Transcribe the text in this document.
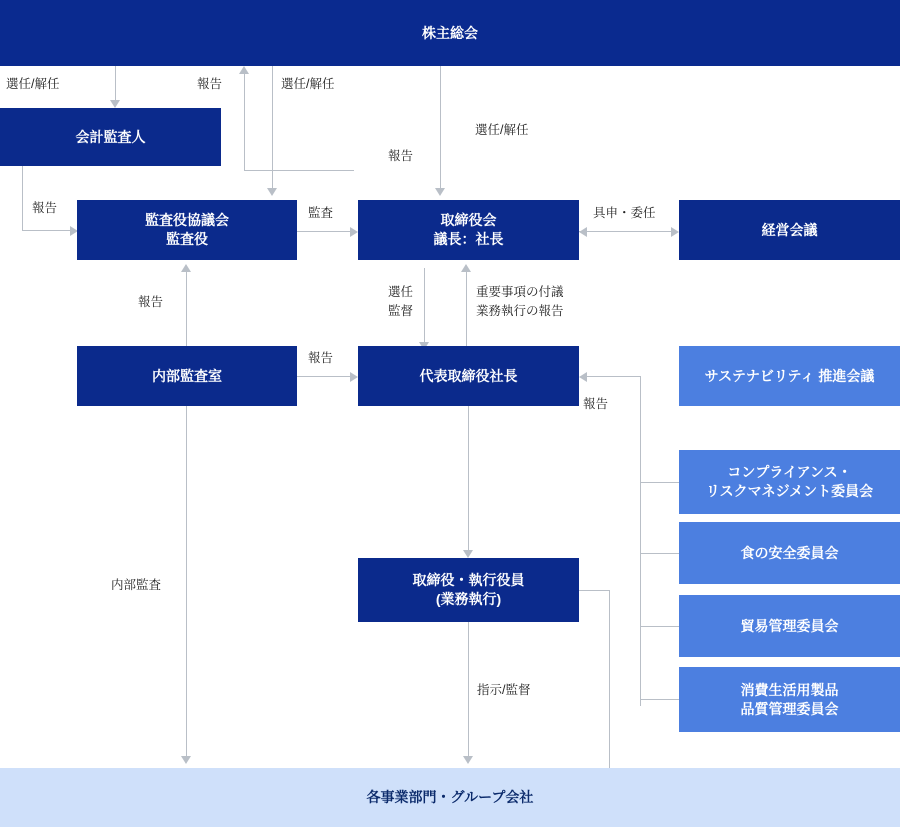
株主総会
会計監査人
監査役協議会
監査役
取締役会
議長：社長
経営会議
内部監査室	代表取締役社長	サステナビリティ 推進会議
コンプライアンス・
リスクマネジメント委員会
食の安全委員会
貿易管理委員会
消費生活用製品
品質管理委員会
取締役・執行役員
(業務執行)
各事業部門・グループ会社
選任/解任	報告	選任/解任
選任/解任
報告
報告	監査	具申・委任
報告
選任
監督
重要事項の付議
業務執行の報告
報告
報告
内部監査
指示/監督
